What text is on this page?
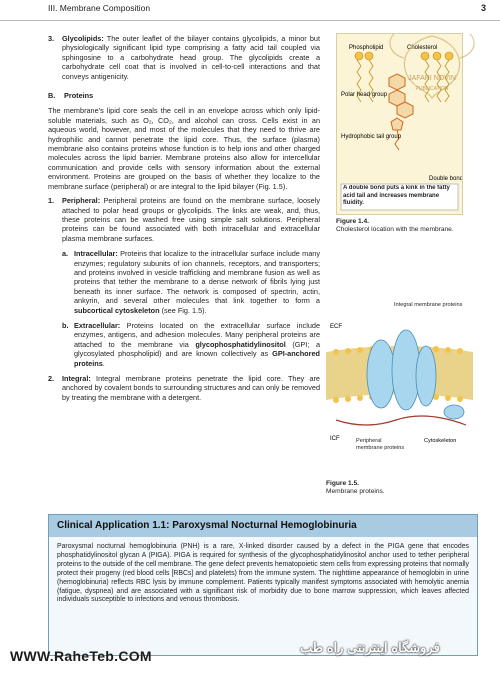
III. Membrane Composition	3
3. Glycolipids: The outer leaflet of the bilayer contains glycolipids, a minor but physiologically significant lipid type comprising a fatty acid tail coupled via sphingosine to a carbohydrate head group. The glycolipids create a carbohydrate cell coat that is involved in cell-to-cell interactions and that conveys antigenicity.
B. Proteins

The membrane's lipid core seals the cell in an envelope across which only lipid-soluble materials, such as O₂, CO₂, and alcohol can cross. Cells exist in an aqueous world, however, and most of the molecules that they need to thrive are hydrophilic and cannot penetrate the lipid core. Thus, the surface (plasma) membrane also contains proteins whose function is to help ions and other charged molecules across the lipid barrier. Membrane proteins also allow for intercellular communication and provide cells with sensory information about the external environment. Proteins are grouped on the basis of whether they localize to the membrane surface (peripheral) or are integral to the lipid bilayer (Fig. 1.5).

1. Peripheral: Peripheral proteins are found on the membrane surface, loosely attached to polar head groups or glycolipids. The links are weak, and, thus, these proteins can be washed free using simple salt solutions. Peripheral proteins can be found associated with both intracellular and extracellular plasma membrane surfaces.
a. Intracellular: Proteins that localize to the intracellular surface include many enzymes; regulatory subunits of ion channels, receptors, and transporters; and proteins involved in vesicle trafficking and membrane fusion as well as proteins that tether the membrane to a dense network of fibrils lying just beneath its inner surface. The network is composed of spectrin, actin, ankyrin, and several other molecules that link together to form a subcortical cytoskeleton (see Fig. 1.5).
b. Extracellular: Proteins located on the extracellular surface include enzymes, antigens, and adhesion molecules. Many peripheral proteins are attached to the membrane via glycophosphatidylinositol (GPI; a glycosylated phospholipid) and are known collectively as GPI-anchored proteins.
2. Integral: Integral membrane proteins penetrate the lipid core. They are anchored by covalent bonds to surrounding structures and can only be removed by treating the membrane with a detergent.
Phospholipid	Cholesterol
Polar head group
Hydrophobic tail group
Double bond
A double bond puts a kink in the fatty acid tail and increases membrane fluidity.
Figure 1.4.
Cholesterol location with the membrane.
ECF
ICF
Integral membrane proteins
Peripheral membrane proteins
Cytoskeleton
Figure 1.5.
Membrane proteins.
Clinical Application 1.1: Paroxysmal Nocturnal Hemoglobinuria
Paroxysmal nocturnal hemoglobinuria (PNH) is a rare, X-linked disorder caused by a defect in the PIGA gene that encodes phosphatidylinositol glycan A (PIGA). PIGA is required for synthesis of the glycophosphatidylinositol anchor used to tether peripheral proteins to the outside of the cell membrane. The gene defect prevents hematopoietic stem cells from expressing proteins that normally protect their progeny (red blood cells [RBCs] and platelets) from the immune system. The nighttime appearance of hemoglobin in urine (hemoglobinuria) reflects RBC lysis by immune complement. Patients typically manifest symptoms associated with hemolytic anemia (fatigue, dyspnea) and are associated with a significant risk of morbidity due to bone marrow suppression, which leaves affected individuals susceptible to infections and venous thrombosis.
JAFARI NOVIN
PUBLICATION
فروشگاه اینترنتی راه طب
WWW.RaheTeb.COM
